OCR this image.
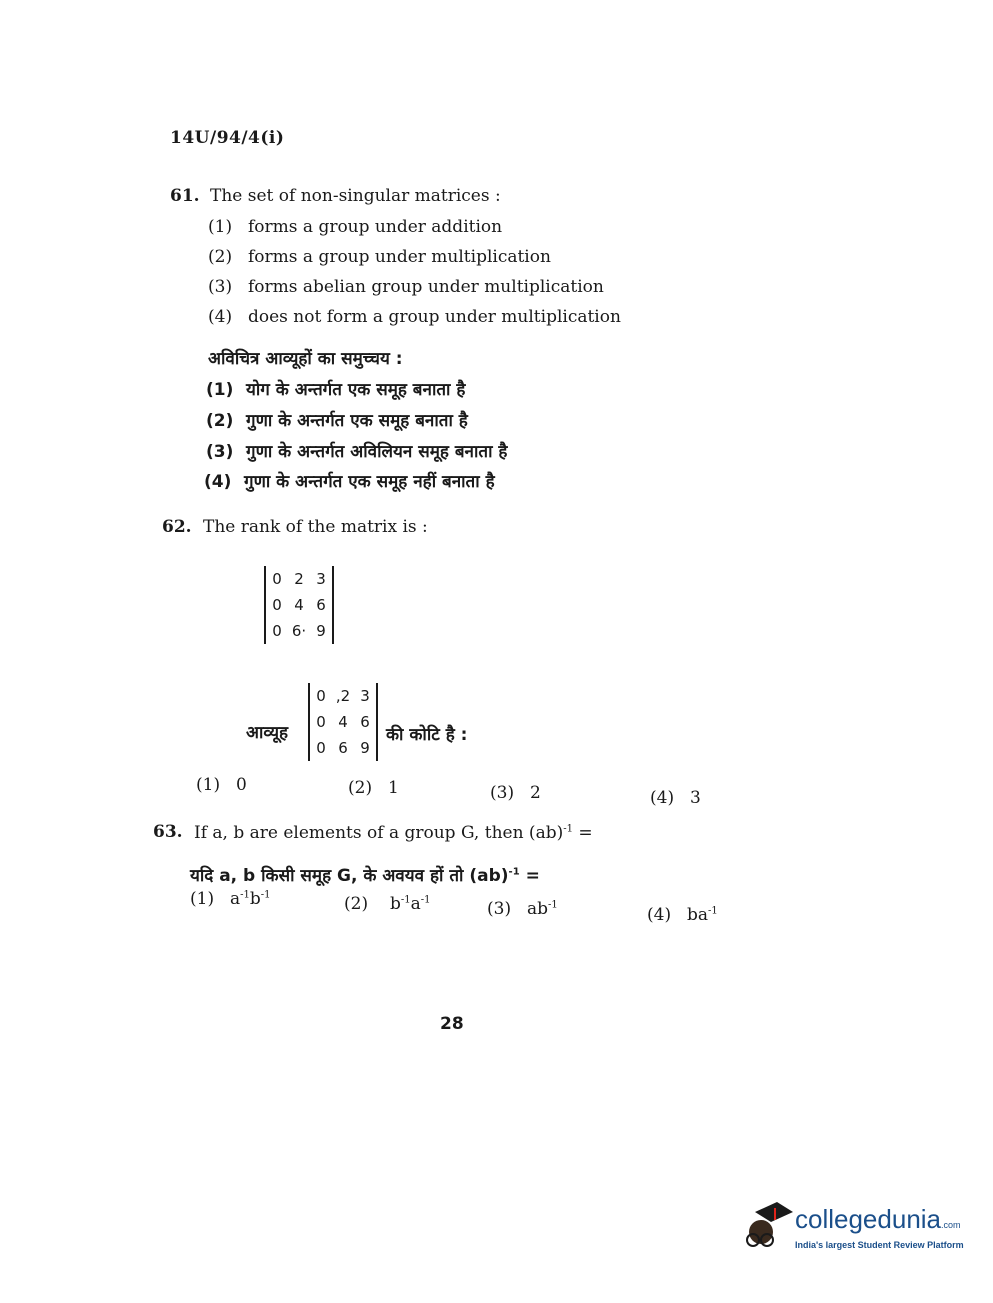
14U/94/4(i)
61. The set of non-singular matrices :
(1) forms a group under addition
(2) forms a group under multiplication
(3) forms abelian group under multiplication
(4) does not form a group under multiplication
अविचित्र आव्यूहों का समुच्चय :
(1) योग के अन्तर्गत एक समूह बनाता है
(2) गुणा के अन्तर्गत एक समूह बनाता है
(3) गुणा के अन्तर्गत अविलियन समूह बनाता है
(4) गुणा के अन्तर्गत एक समूह नहीं बनाता है
62. The rank of the matrix is :
0 2 3
0 4 6
0 6· 9
आव्यूह
0 ,2 3
0 4 6
0 6 9
की कोटि है :
(1) 0	(2) 1	(3) 2	(4) 3
63. If a, b are elements of a group G, then (ab)$^{-1}$ =
यदि a, b किसी समूह G, के अवयव हों तो (ab)$^{-1}$ =
(1) $a^{-1}b^{-1}$	(2) $b^{-1}a^{-1}$	(3) $ab^{-1}$
(4) $ba^{-1}$
28
collegedunia.com
India's largest Student Review Platform
